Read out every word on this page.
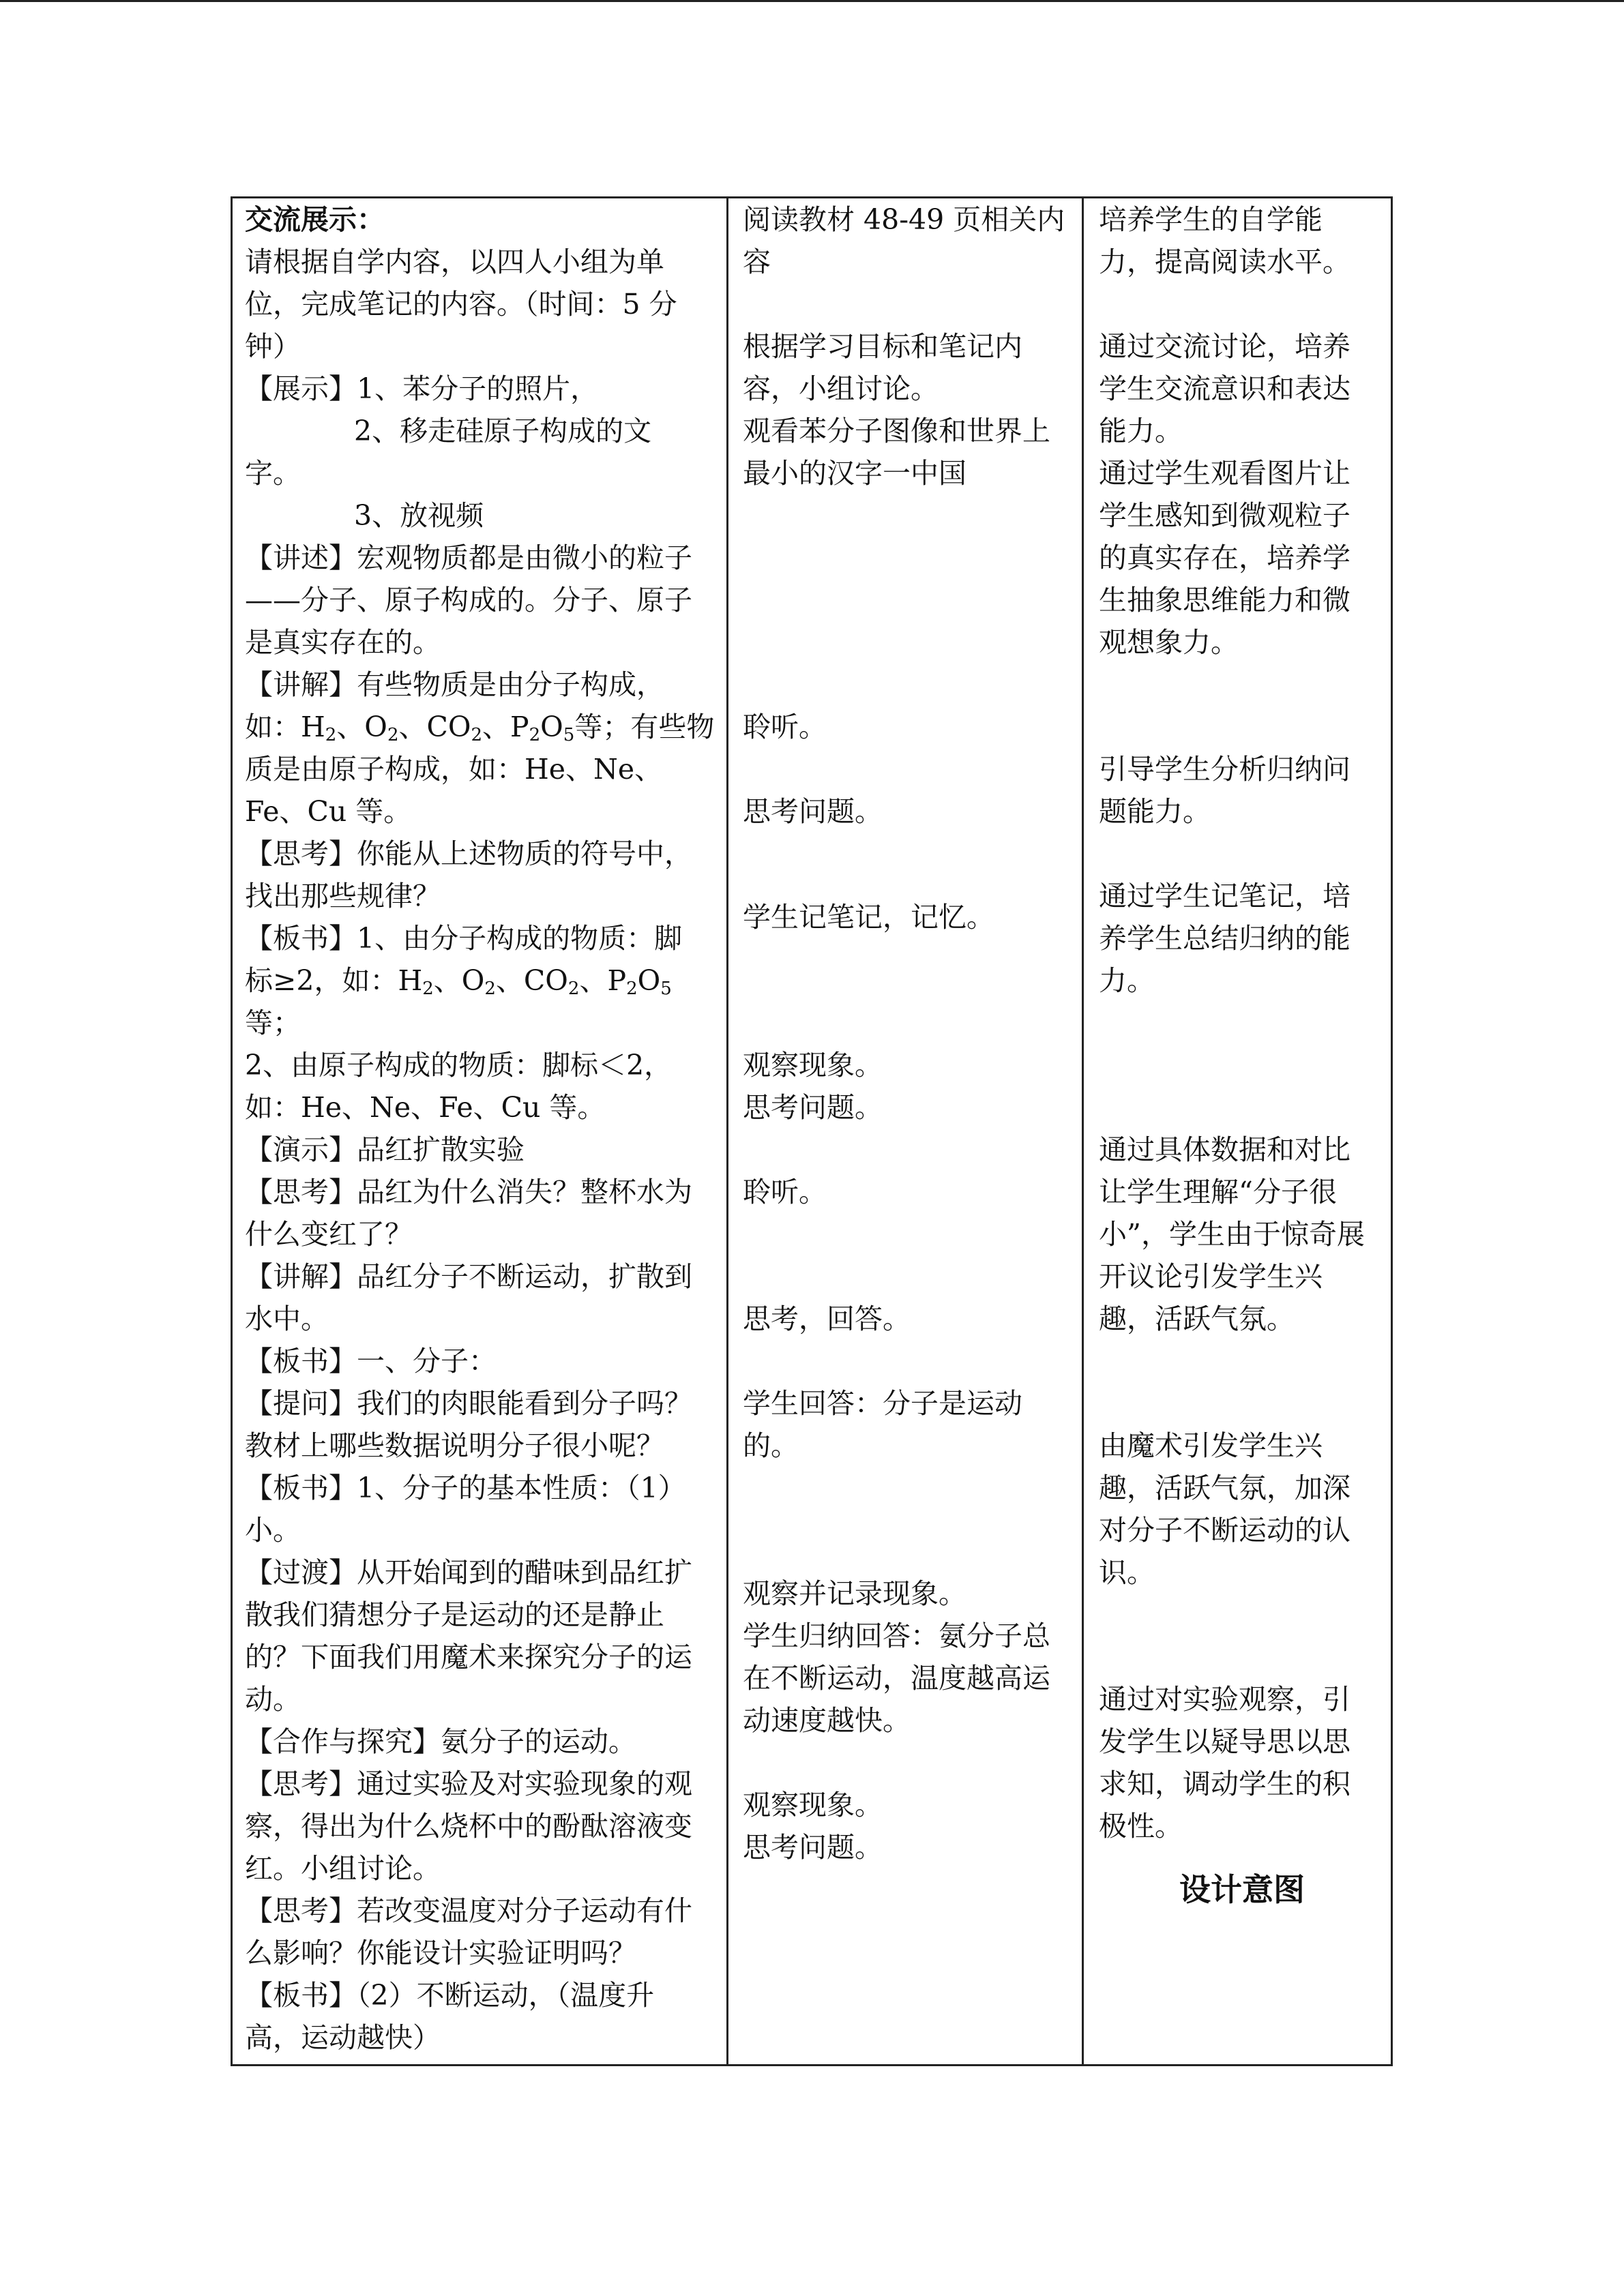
交流展示：

请根据自学内容，以四人小组为单

位，完成笔记的内容。（时间：5 分

钟）

【展示】1、苯分子的照片，

2、移走硅原子构成的文

字。

3、放视频

【讲述】宏观物质都是由微小的粒子

——分子、原子构成的。分子、原子

是真实存在的。

【讲解】有些物质是由分子构成，

如：$H_2$、$O_2$、$CO_2$、$P_2O_5$等；有些物

质是由原子构成，如：He、Ne、

Fe、Cu 等。

【思考】你能从上述物质的符号中，

找出那些规律？

【板书】1、由分子构成的物质：脚

标≥2，如：$H_2$、$O_2$、$CO_2$、$P_2O_5$

等；

2、由原子构成的物质：脚标＜2，

如：He、Ne、Fe、Cu 等。

【演示】品红扩散实验

【思考】品红为什么消失？整杯水为

什么变红了？

【讲解】品红分子不断运动，扩散到

水中。

【板书】一、分子：

【提问】我们的肉眼能看到分子吗？

教材上哪些数据说明分子很小呢？

【板书】1、分子的基本性质：（1）

小。

【过渡】从开始闻到的醋味到品红扩

散我们猜想分子是运动的还是静止

的？下面我们用魔术来探究分子的运

动。

【合作与探究】氨分子的运动。

【思考】通过实验及对实验现象的观

察，得出为什么烧杯中的酚酞溶液变

红。小组讨论。

【思考】若改变温度对分子运动有什

么影响？你能设计实验证明吗？

【板书】（2）不断运动，（温度升

高，运动越快）

阅读教材 48-49 页相关内

容

根据学习目标和笔记内

容，小组讨论。

观看苯分子图像和世界上

最小的汉字一中国

聆听。

思考问题。

学生记笔记，记忆。

观察现象。

思考问题。

聆听。

思考，回答。

学生回答：分子是运动

的。

观察并记录现象。

学生归纳回答：氨分子总

在不断运动，温度越高运

动速度越快。

观察现象。

思考问题。

培养学生的自学能

力，提高阅读水平。

通过交流讨论，培养

学生交流意识和表达

能力。

通过学生观看图片让

学生感知到微观粒子

的真实存在，培养学

生抽象思维能力和微

观想象力。

引导学生分析归纳问

题能力。

通过学生记笔记，培

养学生总结归纳的能

力。

通过具体数据和对比

让学生理解“分子很

小”，学生由于惊奇展

开议论引发学生兴

趣，活跃气氛。

由魔术引发学生兴

趣，活跃气氛，加深

对分子不断运动的认

识。

通过对实验观察，引

发学生以疑导思以思

求知，调动学生的积

极性。

设计意图
